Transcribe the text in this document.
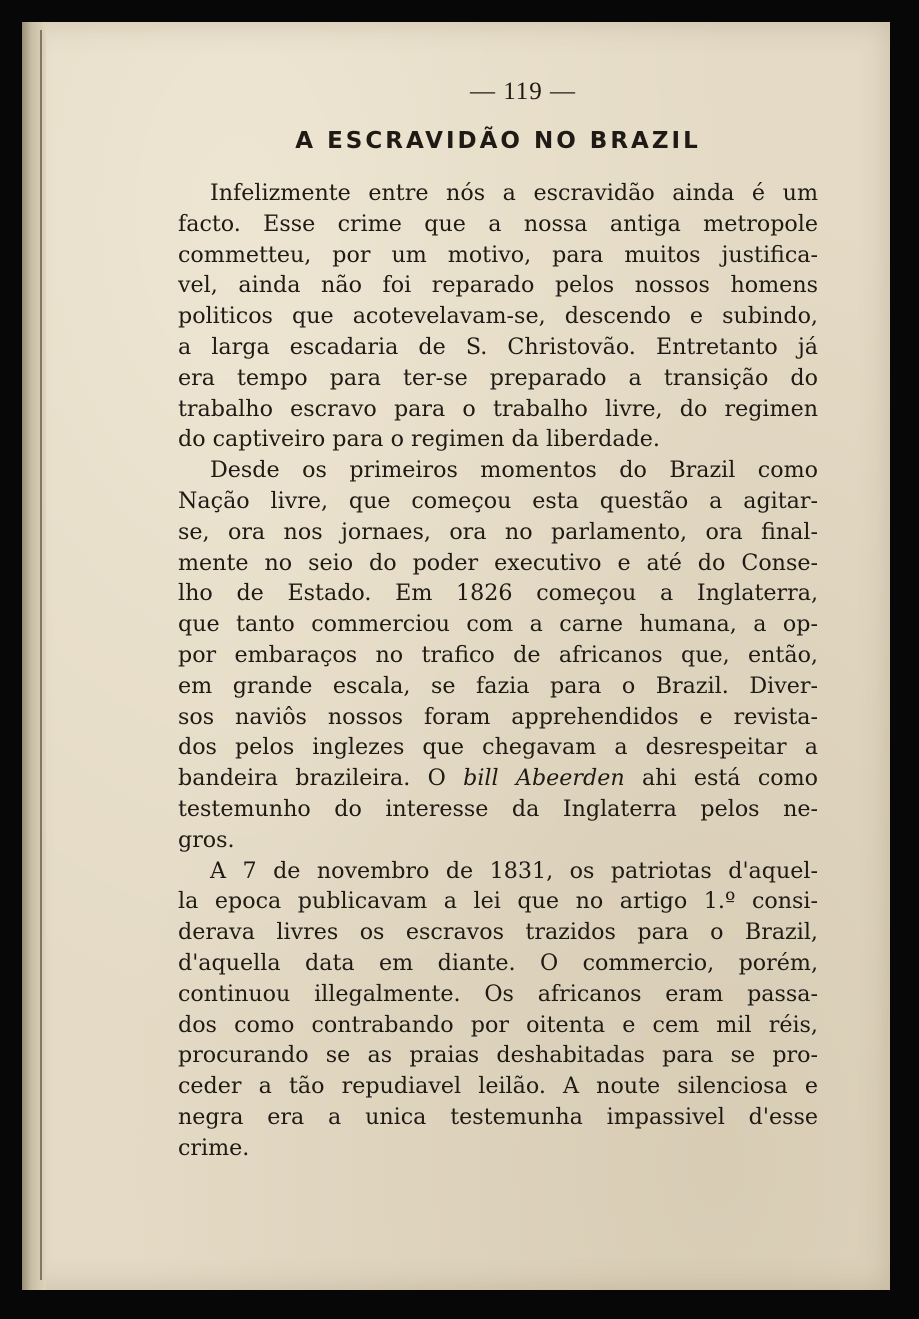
— 119 —
A ESCRAVIDÃO NO BRAZIL
Infelizmente entre nós a escravidão ainda é um
facto. Esse crime que a nossa antiga metropole
commetteu, por um motivo, para muitos justifica-
vel, ainda não foi reparado pelos nossos homens
politicos que acotevelavam-se, descendo e subindo,
a larga escadaria de S. Christovão. Entretanto já
era tempo para ter-se preparado a transição do
trabalho escravo para o trabalho livre, do regimen
do captiveiro para o regimen da liberdade.
Desde os primeiros momentos do Brazil como
Nação livre, que começou esta questão a agitar-
se, ora nos jornaes, ora no parlamento, ora final-
mente no seio do poder executivo e até do Conse-
lho de Estado. Em 1826 começou a Inglaterra,
que tanto commerciou com a carne humana, a op-
por embaraços no trafico de africanos que, então,
em grande escala, se fazia para o Brazil. Diver-
sos naviôs nossos foram apprehendidos e revista-
dos pelos inglezes que chegavam a desrespeitar a
bandeira brazileira. O bill Abeerden ahi está como
testemunho do interesse da Inglaterra pelos ne-
gros.
A 7 de novembro de 1831, os patriotas d'aquel-
la epoca publicavam a lei que no artigo 1.º consi-
derava livres os escravos trazidos para o Brazil,
d'aquella data em diante. O commercio, porém,
continuou illegalmente. Os africanos eram passa-
dos como contrabando por oitenta e cem mil réis,
procurando se as praias deshabitadas para se pro-
ceder a tão repudiavel leilão. A noute silenciosa e
negra era a unica testemunha impassivel d'esse
crime.
